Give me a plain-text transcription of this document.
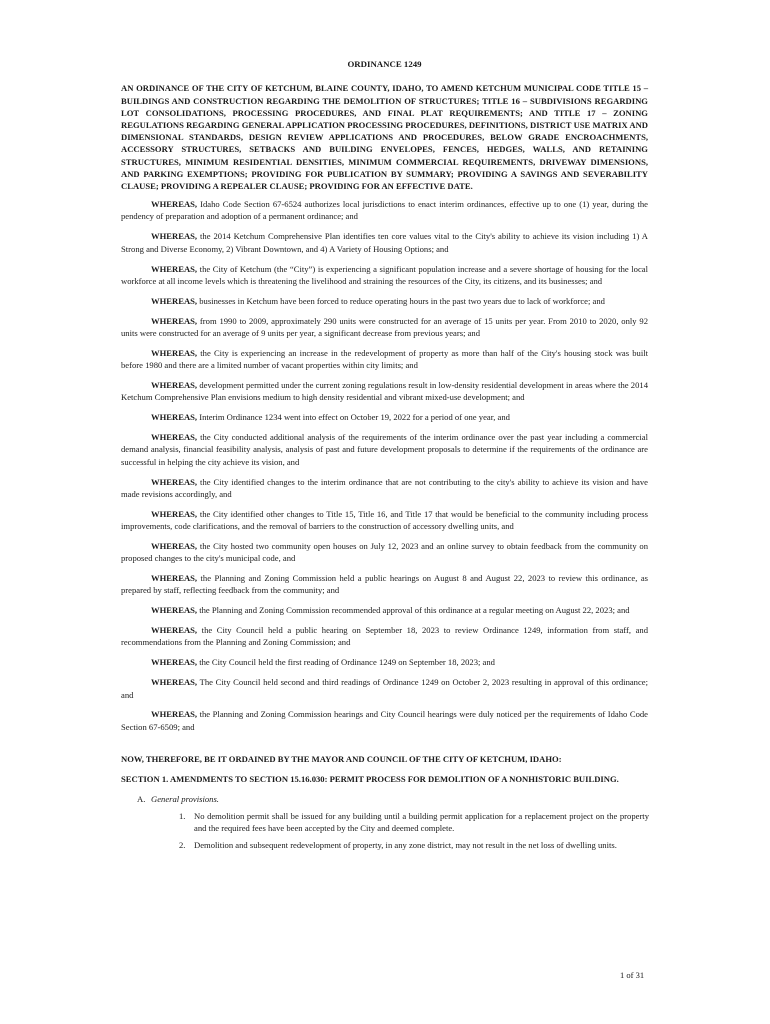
ORDINANCE 1249
AN ORDINANCE OF THE CITY OF KETCHUM, BLAINE COUNTY, IDAHO, TO AMEND KETCHUM MUNICIPAL CODE TITLE 15 – BUILDINGS AND CONSTRUCTION REGARDING THE DEMOLITION OF STRUCTURES; TITLE 16 – SUBDIVISIONS REGARDING LOT CONSOLIDATIONS, PROCESSING PROCEDURES, AND FINAL PLAT REQUIREMENTS; AND TITLE 17 – ZONING REGULATIONS REGARDING GENERAL APPLICATION PROCESSING PROCEDURES, DEFINITIONS, DISTRICT USE MATRIX AND DIMENSIONAL STANDARDS, DESIGN REVIEW APPLICATIONS AND PROCEDURES, BELOW GRADE ENCROACHMENTS, ACCESSORY STRUCTURES, SETBACKS AND BUILDING ENVELOPES, FENCES, HEDGES, WALLS, AND RETAINING STRUCTURES, MINIMUM RESIDENTIAL DENSITIES, MINIMUM COMMERCIAL REQUIREMENTS, DRIVEWAY DIMENSIONS, AND PARKING EXEMPTIONS; PROVIDING FOR PUBLICATION BY SUMMARY; PROVIDING A SAVINGS AND SEVERABILITY CLAUSE; PROVIDING A REPEALER CLAUSE; PROVIDING FOR AN EFFECTIVE DATE.
WHEREAS, Idaho Code Section 67-6524 authorizes local jurisdictions to enact interim ordinances, effective up to one (1) year, during the pendency of preparation and adoption of a permanent ordinance; and
WHEREAS, the 2014 Ketchum Comprehensive Plan identifies ten core values vital to the City's ability to achieve its vision including 1) A Strong and Diverse Economy, 2) Vibrant Downtown, and 4) A Variety of Housing Options; and
WHEREAS, the City of Ketchum (the “City”) is experiencing a significant population increase and a severe shortage of housing for the local workforce at all income levels which is threatening the livelihood and straining the resources of the City, its citizens, and its businesses; and
WHEREAS, businesses in Ketchum have been forced to reduce operating hours in the past two years due to lack of workforce; and
WHEREAS, from 1990 to 2009, approximately 290 units were constructed for an average of 15 units per year. From 2010 to 2020, only 92 units were constructed for an average of 9 units per year, a significant decrease from previous years; and
WHEREAS, the City is experiencing an increase in the redevelopment of property as more than half of the City's housing stock was built before 1980 and there are a limited number of vacant properties within city limits; and
WHEREAS, development permitted under the current zoning regulations result in low-density residential development in areas where the 2014 Ketchum Comprehensive Plan envisions medium to high density residential and vibrant mixed-use development; and
WHEREAS, Interim Ordinance 1234 went into effect on October 19, 2022 for a period of one year, and
WHEREAS, the City conducted additional analysis of the requirements of the interim ordinance over the past year including a commercial demand analysis, financial feasibility analysis, analysis of past and future development proposals to determine if the requirements of the ordinance are successful in helping the city achieve its vision, and
WHEREAS, the City identified changes to the interim ordinance that are not contributing to the city's ability to achieve its vision and have made revisions accordingly, and
WHEREAS, the City identified other changes to Title 15, Title 16, and Title 17 that would be beneficial to the community including process improvements, code clarifications, and the removal of barriers to the construction of accessory dwelling units, and
WHEREAS, the City hosted two community open houses on July 12, 2023 and an online survey to obtain feedback from the community on proposed changes to the city's municipal code, and
WHEREAS, the Planning and Zoning Commission held a public hearings on August 8 and August 22, 2023 to review this ordinance, as prepared by staff, reflecting feedback from the community; and
WHEREAS, the Planning and Zoning Commission recommended approval of this ordinance at a regular meeting on August 22, 2023; and
WHEREAS, the City Council held a public hearing on September 18, 2023 to review Ordinance 1249, information from staff, and recommendations from the Planning and Zoning Commission; and
WHEREAS, the City Council held the first reading of Ordinance 1249 on September 18, 2023; and
WHEREAS, The City Council held second and third readings of Ordinance 1249 on October 2, 2023 resulting in approval of this ordinance; and
WHEREAS, the Planning and Zoning Commission hearings and City Council hearings were duly noticed per the requirements of Idaho Code Section 67-6509; and
NOW, THEREFORE, BE IT ORDAINED BY THE MAYOR AND COUNCIL OF THE CITY OF KETCHUM, IDAHO:
SECTION 1. AMENDMENTS TO SECTION 15.16.030: PERMIT PROCESS FOR DEMOLITION OF A NONHISTORIC BUILDING.
A. General provisions.
1. No demolition permit shall be issued for any building until a building permit application for a replacement project on the property and the required fees have been accepted by the City and deemed complete.
2. Demolition and subsequent redevelopment of property, in any zone district, may not result in the net loss of dwelling units.
1 of 31
